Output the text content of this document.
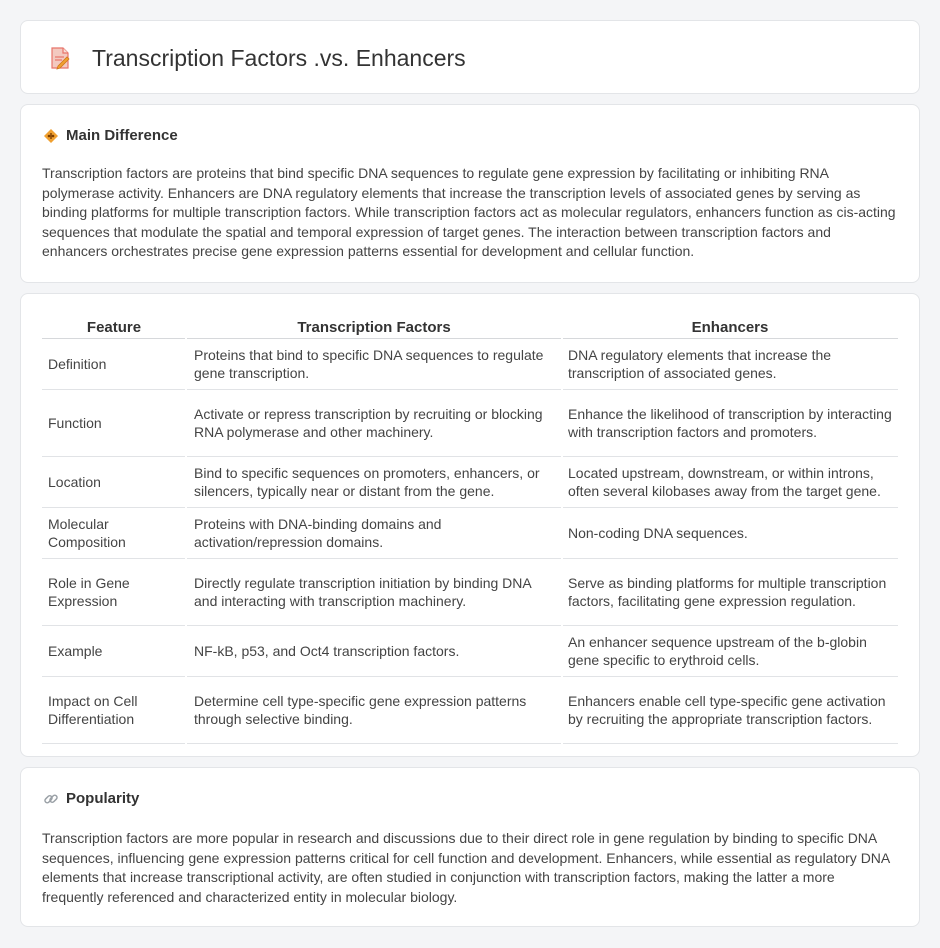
Transcription Factors .vs. Enhancers
Main Difference

Transcription factors are proteins that bind specific DNA sequences to regulate gene expression by facilitating or inhibiting RNA polymerase activity. Enhancers are DNA regulatory elements that increase the transcription levels of associated genes by serving as binding platforms for multiple transcription factors. While transcription factors act as molecular regulators, enhancers function as cis-acting sequences that modulate the spatial and temporal expression of target genes. The interaction between transcription factors and enhancers orchestrates precise gene expression patterns essential for development and cellular function.

Feature	Transcription Factors	Enhancers
Definition	Proteins that bind to specific DNA sequences to regulate gene transcription.	DNA regulatory elements that increase the transcription of associated genes.
Function	Activate or repress transcription by recruiting or blocking RNA polymerase and other machinery.	Enhance the likelihood of transcription by interacting with transcription factors and promoters.
Location	Bind to specific sequences on promoters, enhancers, or silencers, typically near or distant from the gene.	Located upstream, downstream, or within introns, often several kilobases away from the target gene.
Molecular Composition	Proteins with DNA-binding domains and activation/repression domains.	Non-coding DNA sequences.
Role in Gene Expression	Directly regulate transcription initiation by binding DNA and interacting with transcription machinery.	Serve as binding platforms for multiple transcription factors, facilitating gene expression regulation.
Example	NF-kB, p53, and Oct4 transcription factors.	An enhancer sequence upstream of the b-globin gene specific to erythroid cells.
Impact on Cell Differentiation	Determine cell type-specific gene expression patterns through selective binding.	Enhancers enable cell type-specific gene activation by recruiting the appropriate transcription factors.
Popularity

Transcription factors are more popular in research and discussions due to their direct role in gene regulation by binding to specific DNA sequences, influencing gene expression patterns critical for cell function and development. Enhancers, while essential as regulatory DNA elements that increase transcriptional activity, are often studied in conjunction with transcription factors, making the latter a more frequently referenced and characterized entity in molecular biology.
